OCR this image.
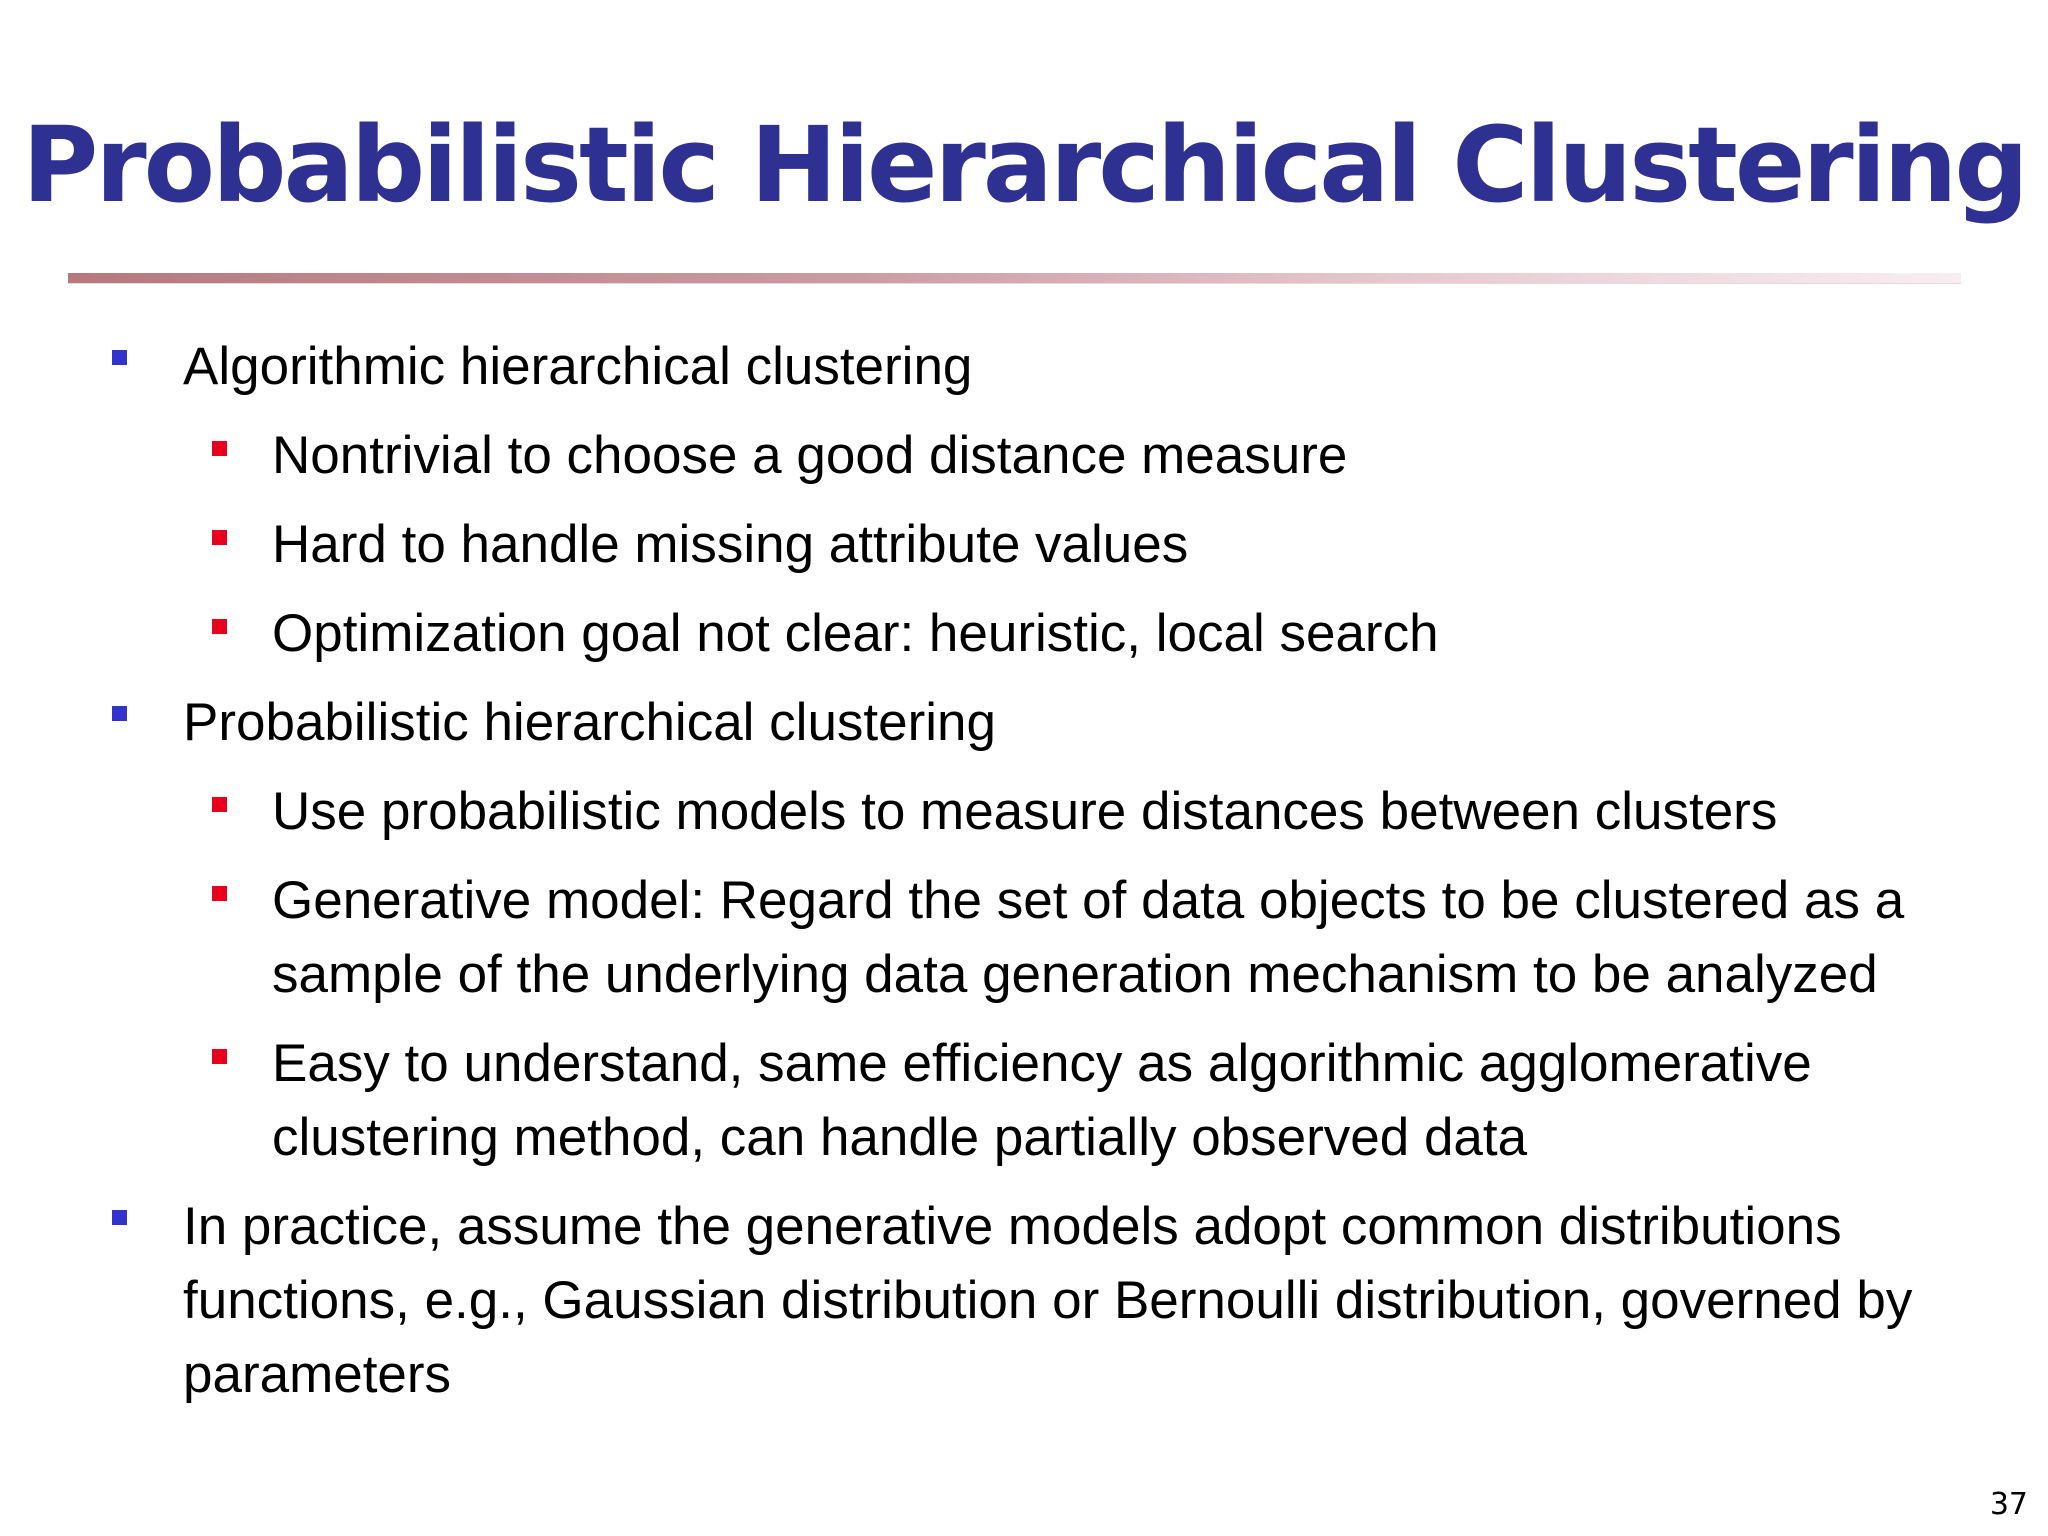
Probabilistic Hierarchical Clustering
Algorithmic hierarchical clustering
Nontrivial to choose a good distance measure
Hard to handle missing attribute values
Optimization goal not clear: heuristic, local search
Probabilistic hierarchical clustering
Use probabilistic models to measure distances between clusters
Generative model: Regard the set of data objects to be clustered as a sample of the underlying data generation mechanism to be analyzed
Easy to understand, same efficiency as algorithmic agglomerative clustering method, can handle partially observed data
In practice, assume the generative models adopt common distributions functions, e.g., Gaussian distribution or Bernoulli distribution, governed by parameters
37
